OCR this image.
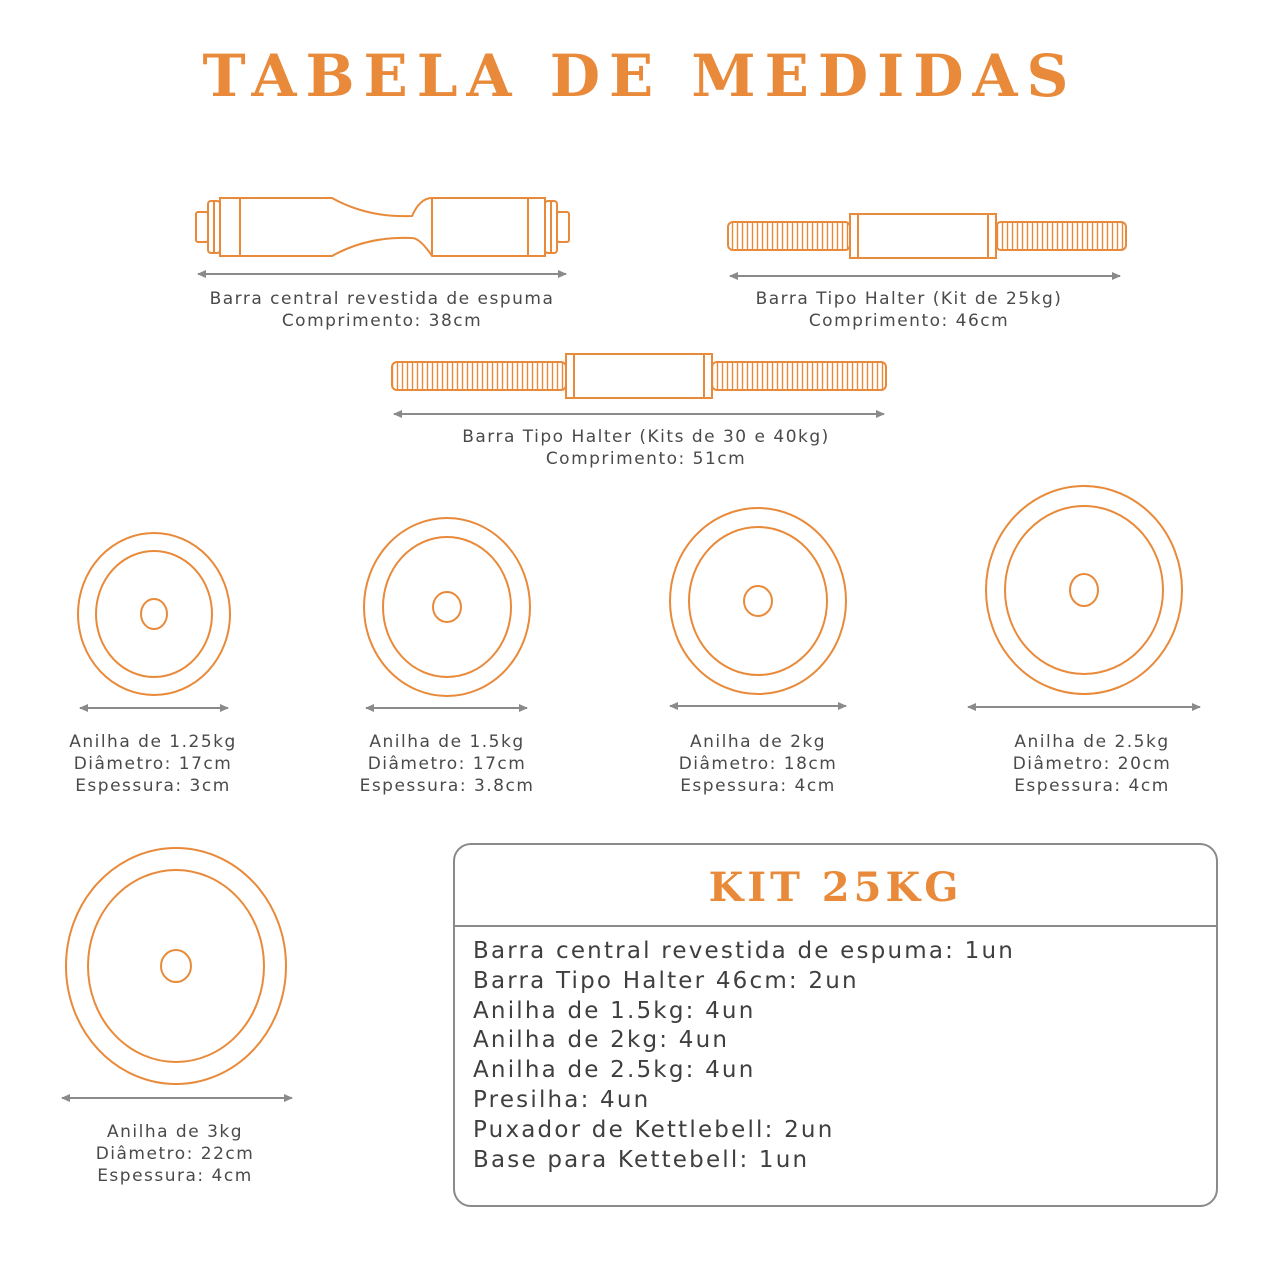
TABELA DE MEDIDAS
Barra central revestida de espuma
Comprimento: 38cm
Barra Tipo Halter (Kit de 25kg)
Comprimento: 46cm
Barra Tipo Halter (Kits de 30 e 40kg)
Comprimento: 51cm
Anilha de 1.25kg
Diâmetro: 17cm
Espessura: 3cm
Anilha de 1.5kg
Diâmetro: 17cm
Espessura: 3.8cm
Anilha de 2kg
Diâmetro: 18cm
Espessura: 4cm
Anilha de 2.5kg
Diâmetro: 20cm
Espessura: 4cm
Anilha de 3kg
Diâmetro: 22cm
Espessura: 4cm
KIT 25KG
Barra central revestida de espuma: 1un
Barra Tipo Halter 46cm: 2un
Anilha de 1.5kg: 4un
Anilha de 2kg: 4un
Anilha de 2.5kg: 4un
Presilha: 4un
Puxador de Kettlebell: 2un
Base para Kettebell: 1un
